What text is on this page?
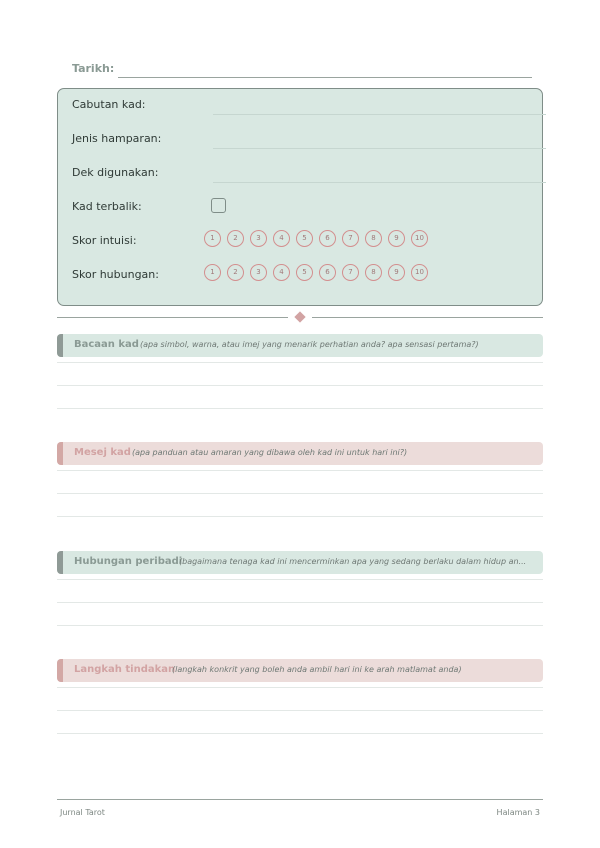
Tarikh:
Cabutan kad:
Jenis hamparan:
Dek digunakan:
Kad terbalik:
Skor intuisi:	1	2	3	4	5	6	7	8	9	10
Skor hubungan:	1	2	3	4	5	6	7	8	9	10
Bacaan kad (apa simbol, warna, atau imej yang menarik perhatian anda? apa sensasi pertama?)
Mesej kad (apa panduan atau amaran yang dibawa oleh kad ini untuk hari ini?)
Hubungan peribadi
(bagaimana tenaga kad ini mencerminkan apa yang sedang berlaku dalam hidup an...
Langkah tindakan
(langkah konkrit yang boleh anda ambil hari ini ke arah matlamat anda)
Jurnal Tarot	Halaman 3
